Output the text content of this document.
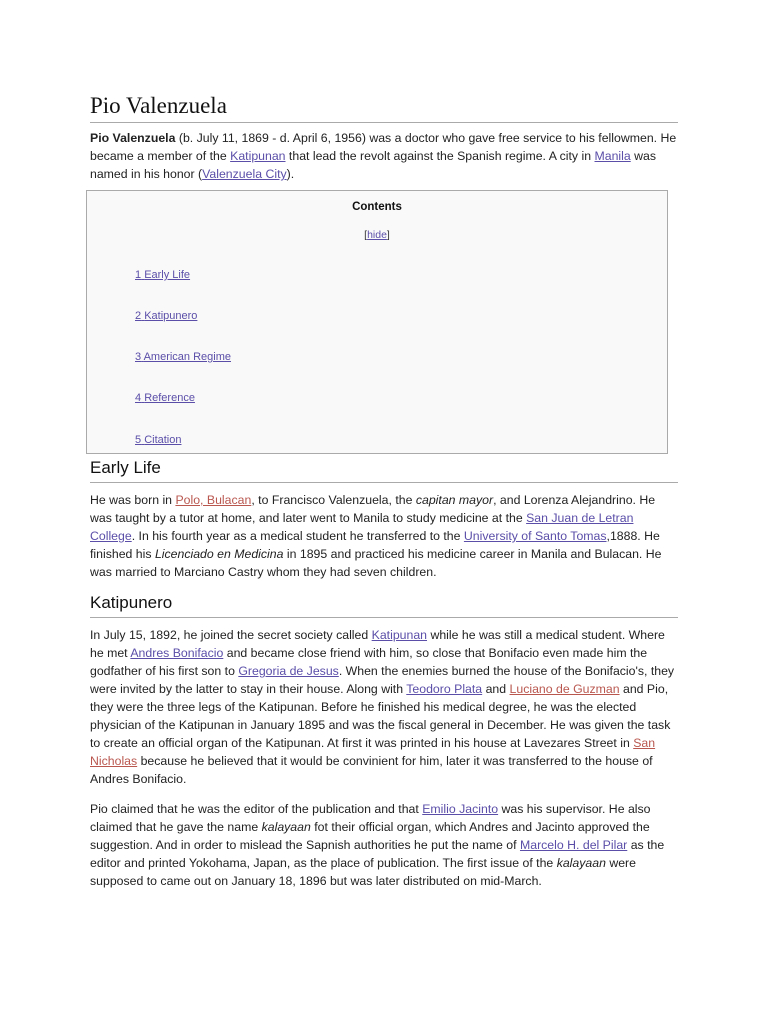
Pio Valenzuela

Pio Valenzuela (b. July 11, 1869 - d. April 6, 1956) was a doctor who gave free service to his fellowmen. He became a member of the Katipunan that lead the revolt against the Spanish regime. A city in Manila was named in his honor (Valenzuela City).

Contents
[hide]
1 Early Life
2 Katipunero
3 American Regime
4 Reference
5 Citation
Early Life

He was born in Polo, Bulacan, to Francisco Valenzuela, the capitan mayor, and Lorenza Alejandrino. He was taught by a tutor at home, and later went to Manila to study medicine at the San Juan de Letran College. In his fourth year as a medical student he transferred to the University of Santo Tomas,1888. He finished his Licenciado en Medicina in 1895 and practiced his medicine career in Manila and Bulacan. He was married to Marciano Castry whom they had seven children.

Katipunero

In July 15, 1892, he joined the secret society called Katipunan while he was still a medical student. Where he met Andres Bonifacio and became close friend with him, so close that Bonifacio even made him the godfather of his first son to Gregoria de Jesus. When the enemies burned the house of the Bonifacio's, they were invited by the latter to stay in their house. Along with Teodoro Plata and Luciano de Guzman and Pio, they were the three legs of the Katipunan. Before he finished his medical degree, he was the elected physician of the Katipunan in January 1895 and was the fiscal general in December. He was given the task to create an official organ of the Katipunan. At first it was printed in his house at Lavezares Street in San Nicholas because he believed that it would be convinient for him, later it was transferred to the house of Andres Bonifacio.

Pio claimed that he was the editor of the publication and that Emilio Jacinto was his supervisor. He also claimed that he gave the name kalayaan fot their official organ, which Andres and Jacinto approved the suggestion. And in order to mislead the Sapnish authorities he put the name of Marcelo H. del Pilar as the editor and printed Yokohama, Japan, as the place of publication. The first issue of the kalayaan were supposed to came out on January 18, 1896 but was later distributed on mid-March.
